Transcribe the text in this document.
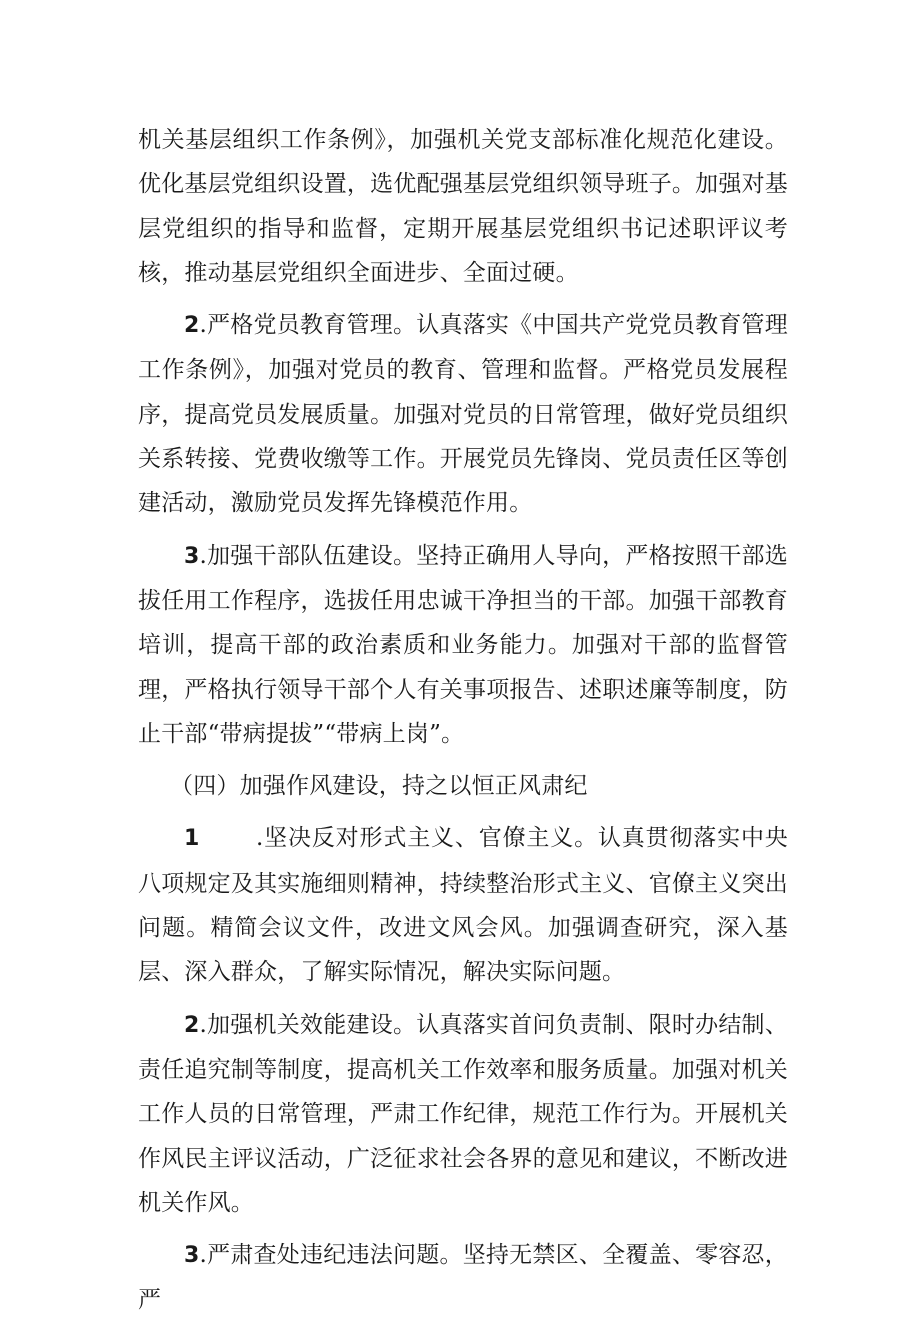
机关基层组织工作条例》，加强机关党支部标准化规范化建设。优化基层党组织设置，选优配强基层党组织领导班子。加强对基层党组织的指导和监督，定期开展基层党组织书记述职评议考核，推动基层党组织全面进步、全面过硬。

2.严格党员教育管理。认真落实《中国共产党党员教育管理工作条例》，加强对党员的教育、管理和监督。严格党员发展程序，提高党员发展质量。加强对党员的日常管理，做好党员组织关系转接、党费收缴等工作。开展党员先锋岗、党员责任区等创建活动，激励党员发挥先锋模范作用。

3.加强干部队伍建设。坚持正确用人导向，严格按照干部选拔任用工作程序，选拔任用忠诚干净担当的干部。加强干部教育培训，提高干部的政治素质和业务能力。加强对干部的监督管理，严格执行领导干部个人有关事项报告、述职述廉等制度，防止干部“带病提拔”“带病上岗”。

（四）加强作风建设，持之以恒正风肃纪

1 .坚决反对形式主义、官僚主义。认真贯彻落实中央八项规定及其实施细则精神，持续整治形式主义、官僚主义突出问题。精简会议文件，改进文风会风。加强调查研究，深入基层、深入群众，了解实际情况，解决实际问题。

2.加强机关效能建设。认真落实首问负责制、限时办结制、责任追究制等制度，提高机关工作效率和服务质量。加强对机关工作人员的日常管理，严肃工作纪律，规范工作行为。开展机关作风民主评议活动，广泛征求社会各界的意见和建议，不断改进机关作风。

3.严肃查处违纪违法问题。坚持无禁区、全覆盖、零容忍，严
